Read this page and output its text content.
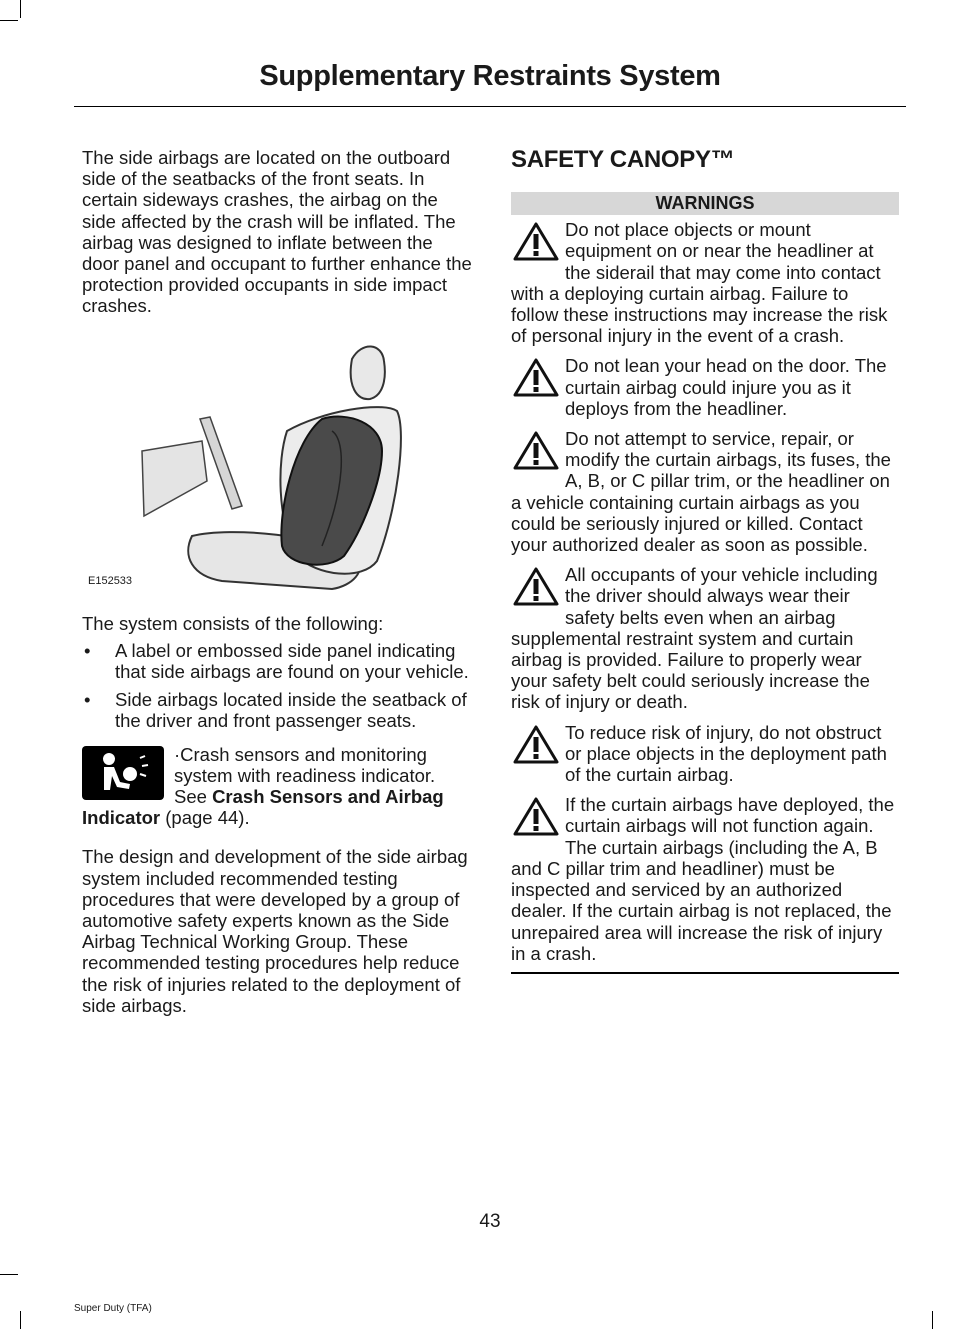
Supplementary Restraints System

The side airbags are located on the outboard side of the seatbacks of the front seats. In certain sideways crashes, the airbag on the side affected by the crash will be inflated. The airbag was designed to inflate between the door panel and occupant to further enhance the protection provided occupants in side impact crashes.

E152533

The system consists of the following:

• A label or embossed side panel indicating that side airbags are found on your vehicle.
• Side airbags located inside the seatback of the driver and front passenger seats.
·Crash sensors and monitoring system with readiness indicator. See Crash Sensors and Airbag Indicator (page 44).

The design and development of the side airbag system included recommended testing procedures that were developed by a group of automotive safety experts known as the Side Airbag Technical Working Group. These recommended testing procedures help reduce the risk of injuries related to the deployment of side airbags.

SAFETY CANOPY™
WARNINGS
Do not place objects or mount equipment on or near the headliner at the siderail that may come into contact with a deploying curtain airbag. Failure to follow these instructions may increase the risk of personal injury in the event of a crash.
Do not lean your head on the door. The curtain airbag could injure you as it deploys from the headliner.
Do not attempt to service, repair, or modify the curtain airbags, its fuses, the A, B, or C pillar trim, or the headliner on a vehicle containing curtain airbags as you could be seriously injured or killed. Contact your authorized dealer as soon as possible.
All occupants of your vehicle including the driver should always wear their safety belts even when an airbag supplemental restraint system and curtain airbag is provided. Failure to properly wear your safety belt could seriously increase the risk of injury or death.
To reduce risk of injury, do not obstruct or place objects in the deployment path of the curtain airbag.
If the curtain airbags have deployed, the curtain airbags will not function again. The curtain airbags (including the A, B and C pillar trim and headliner) must be inspected and serviced by an authorized dealer. If the curtain airbag is not replaced, the unrepaired area will increase the risk of injury in a crash.
43
Super Duty (TFA)
